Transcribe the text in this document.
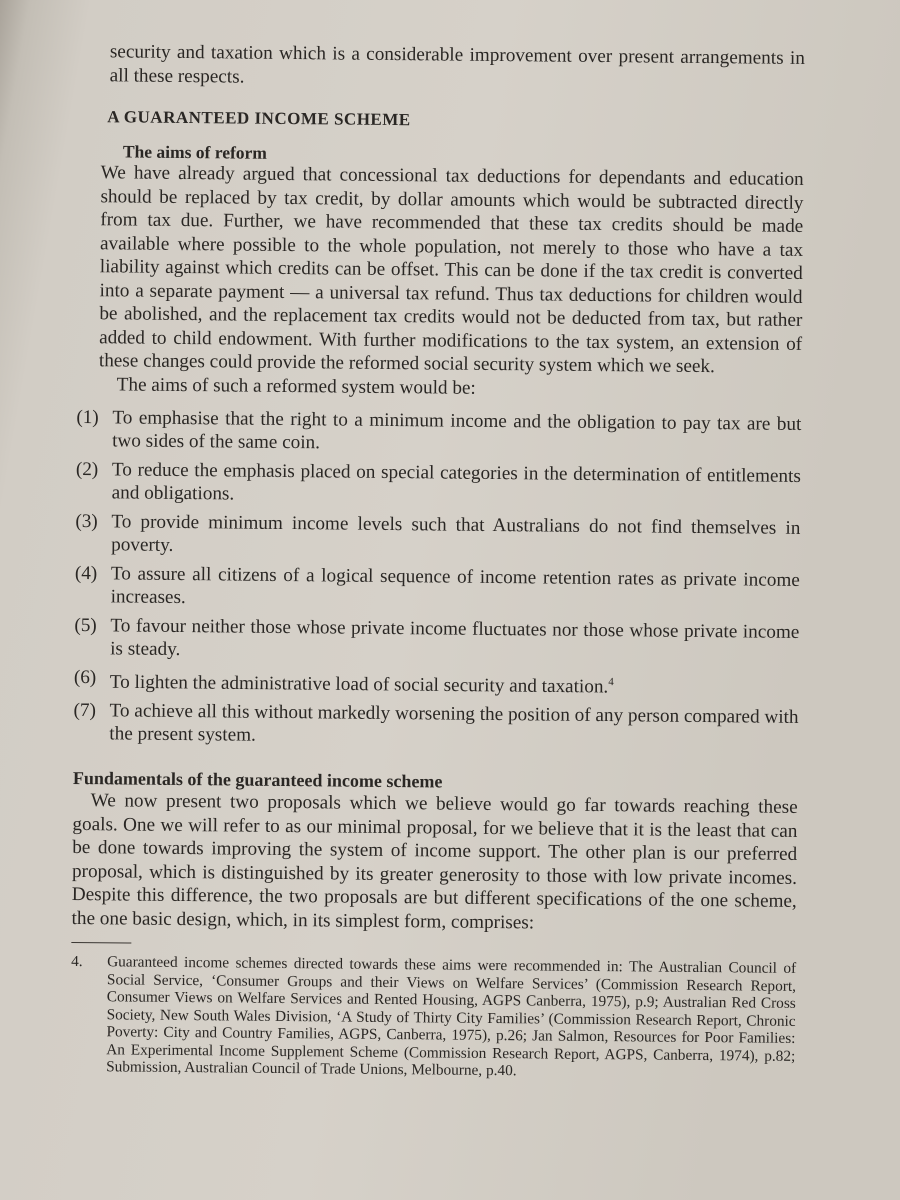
security and taxation which is a considerable improvement over present arrangements in all these respects.

A GUARANTEED INCOME SCHEME

The aims of reform

We have already argued that concessional tax deductions for dependants and education should be replaced by tax credit, by dollar amounts which would be subtracted directly from tax due. Further, we have recommended that these tax credits should be made available where possible to the whole population, not merely to those who have a tax liability against which credits can be offset. This can be done if the tax credit is converted into a separate payment — a universal tax refund. Thus tax deductions for children would be abolished, and the replacement tax credits would not be deducted from tax, but rather added to child endowment. With further modifications to the tax system, an extension of these changes could provide the reformed social security system which we seek.

The aims of such a reformed system would be:

(1) To emphasise that the right to a minimum income and the obligation to pay tax are but two sides of the same coin.
(2) To reduce the emphasis placed on special categories in the determination of entitlements and obligations.
(3) To provide minimum income levels such that Australians do not find themselves in poverty.
(4) To assure all citizens of a logical sequence of income retention rates as private income increases.
(5) To favour neither those whose private income fluctuates nor those whose private income is steady.
(6) To lighten the administrative load of social security and taxation.$^4$
(7) To achieve all this without markedly worsening the position of any person compared with the present system.

Fundamentals of the guaranteed income scheme

We now present two proposals which we believe would go far towards reaching these goals. One we will refer to as our minimal proposal, for we believe that it is the least that can be done towards improving the system of income support. The other plan is our preferred proposal, which is distinguished by its greater generosity to those with low private incomes. Despite this difference, the two proposals are but different specifications of the one scheme, the one basic design, which, in its simplest form, comprises:

4.	Guaranteed income schemes directed towards these aims were recommended in: The Australian Council of Social Service, ‘Consumer Groups and their Views on Welfare Services’ (Commission Research Report, Consumer Views on Welfare Services and Rented Housing, AGPS Canberra, 1975), p.9; Australian Red Cross Society, New South Wales Division, ‘A Study of Thirty City Families’ (Commission Research Report, Chronic Poverty: City and Country Families, AGPS, Canberra, 1975), p.26; Jan Salmon, Resources for Poor Families: An Experimental Income Supplement Scheme (Commission Research Report, AGPS, Canberra, 1974), p.82; Submission, Australian Council of Trade Unions, Melbourne, p.40.
